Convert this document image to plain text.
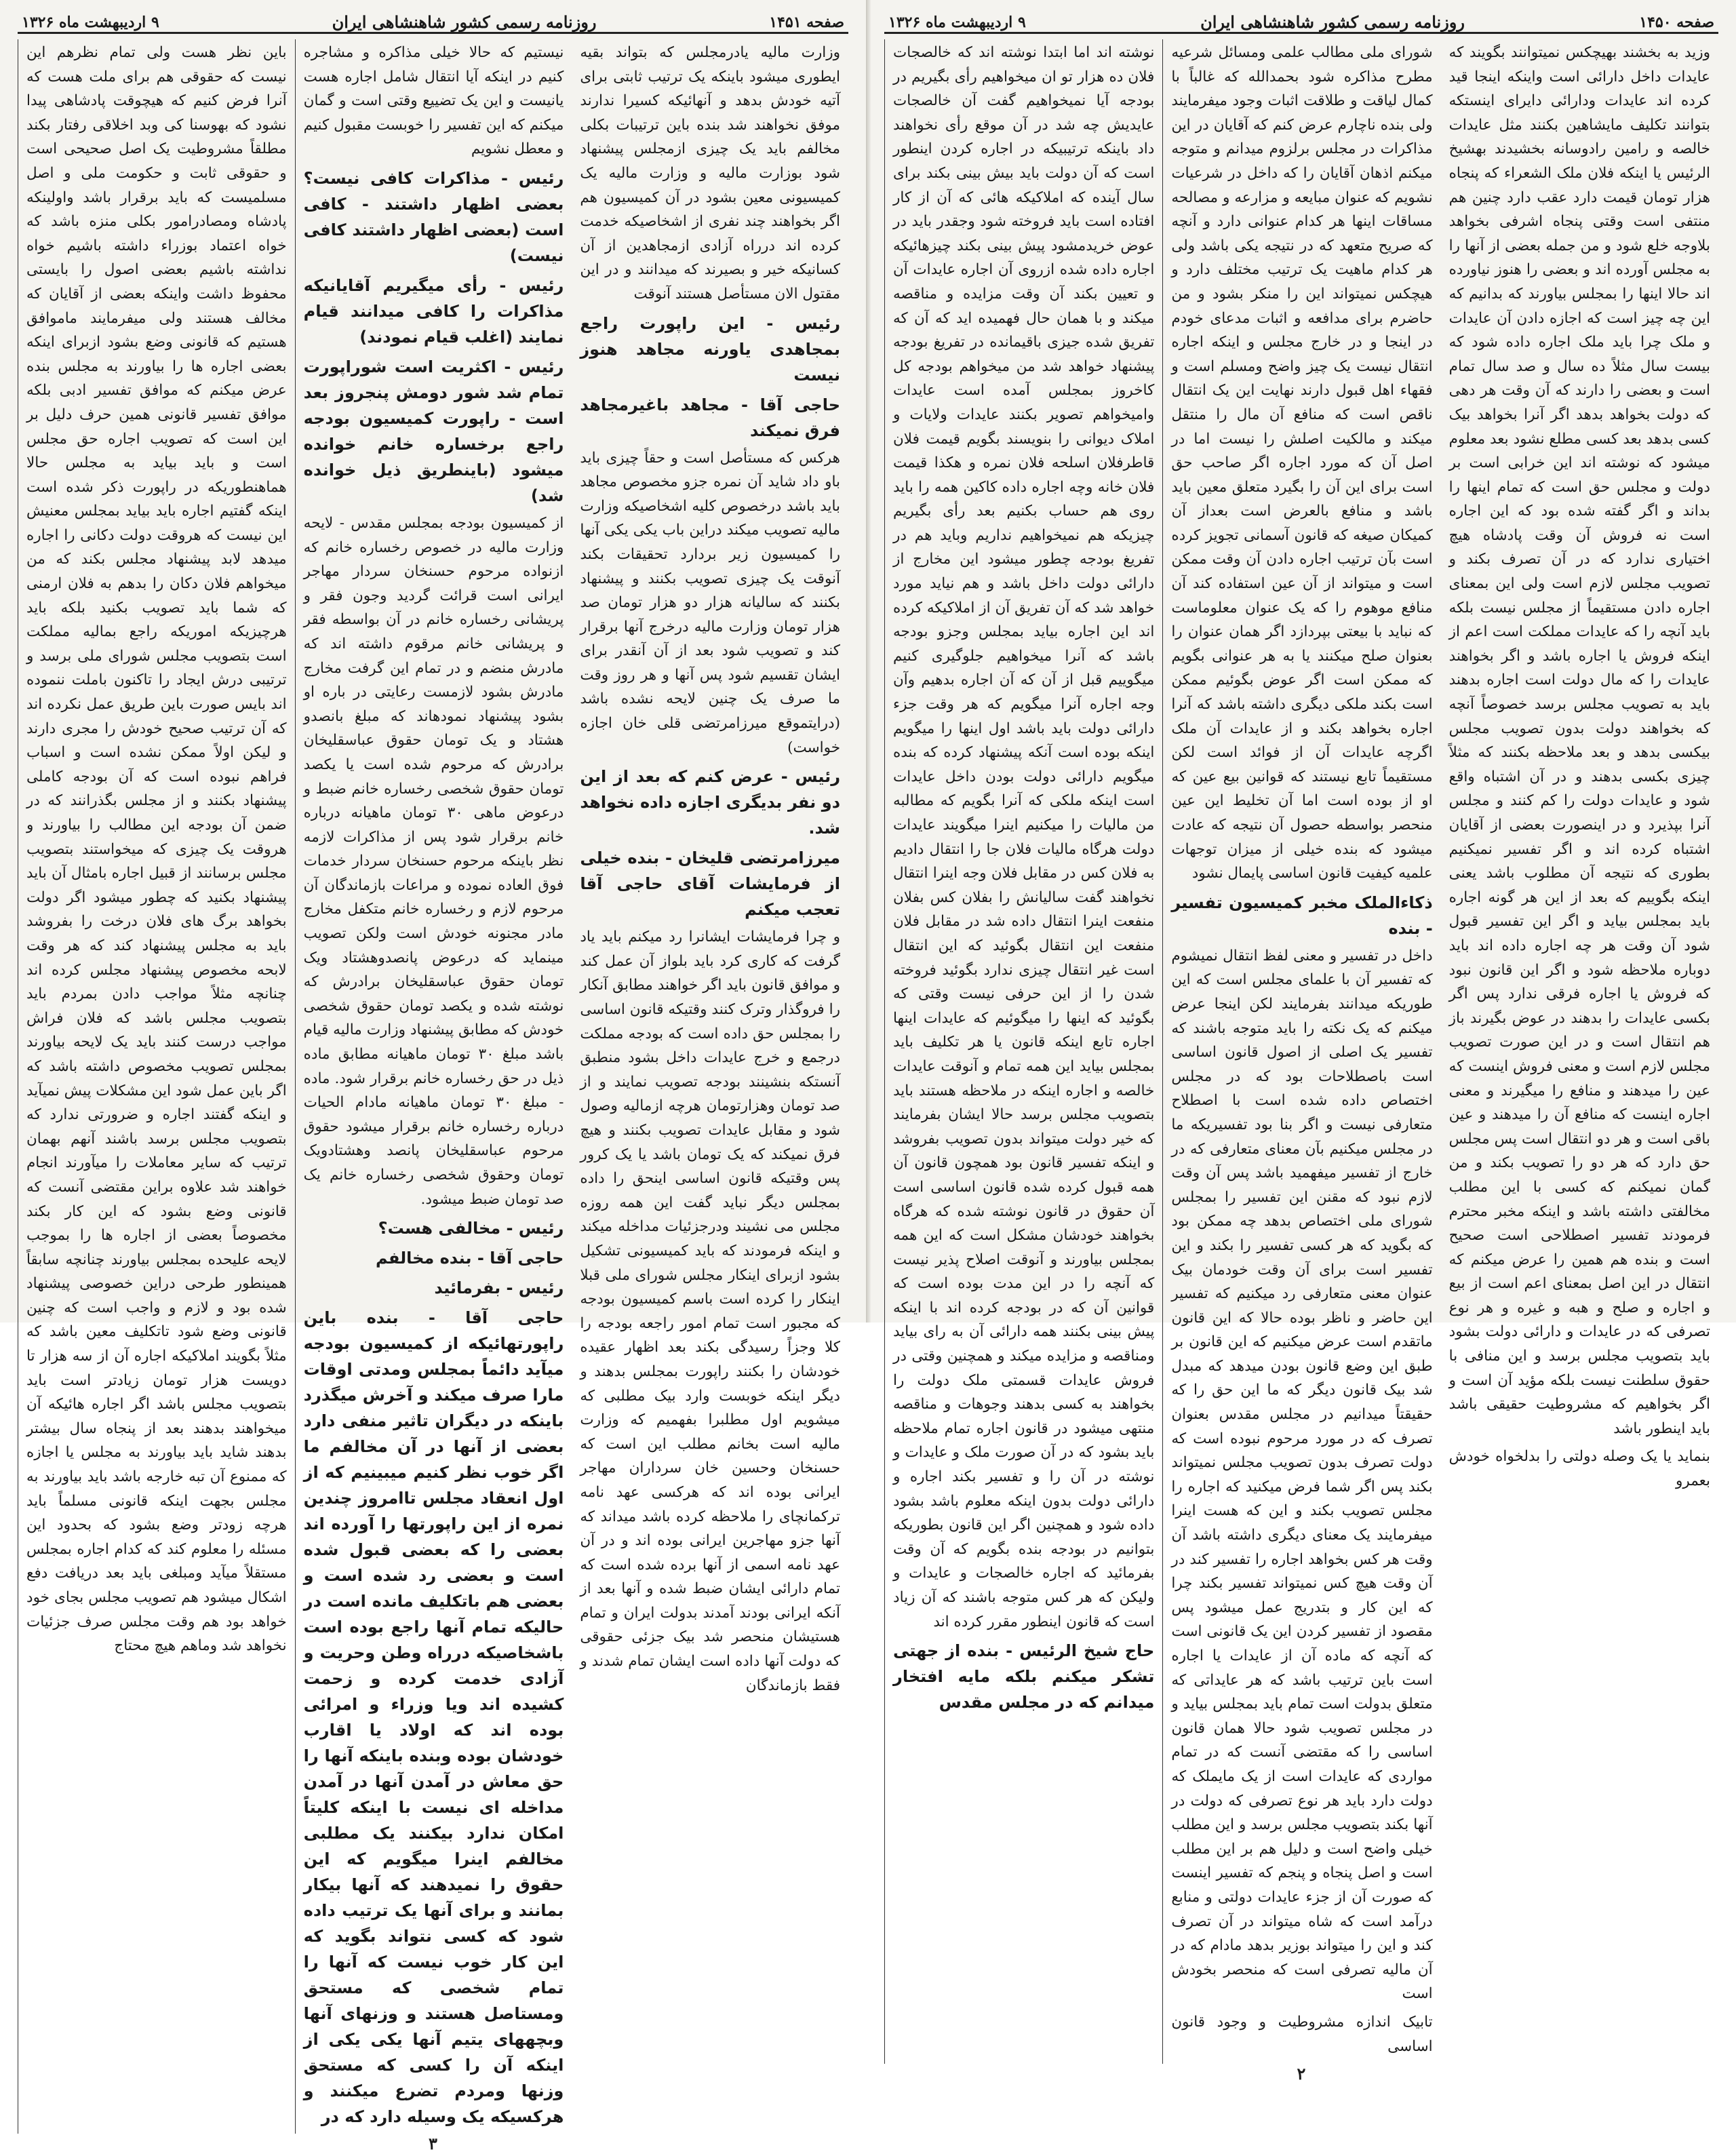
صفحه ۱۴۵۱
روزنامه رسمی کشور شاهنشاهی ایران
۹ اردیبهشت ماه ۱۳۲۶

باین نظر هست ولی تمام نظرهم این نیست که حقوقی هم برای ملت هست که آنرا فرض کنیم که هیچوقت پادشاهی پیدا نشود که بهوسنا کی وبد اخلاقی رفتار بکند مطلقاً مشروطیت یک اصل صحیحی است و حقوقی ثابت و حکومت ملی و اصل مسلمیست که باید برقرار باشد واولینکه پادشاه ومصادرامور بکلی منزه باشد که خواه اعتماد بوزراء داشته باشیم خواه نداشته باشیم بعضی اصول را بایستی محفوظ داشت واینکه بعضی از آقایان که مخالف هستند ولی میفرمایند ماموافق هستیم که قانونی وضع بشود ازبرای اینکه بعضی اجاره ها را بیاورند به مجلس بنده عرض میکنم که موافق تفسیر ادبی بلکه موافق تفسیر قانونی همین حرف دلیل بر این است که تصویب اجاره حق مجلس است و باید بیاید به مجلس حالا هماهنطوریکه در راپورت ذکر شده است اینکه گفتیم اجاره باید بیاید بمجلس معنیش این نیست که هروقت دولت دکانی را اجاره میدهد لابد پیشنهاد مجلس بکند که من میخواهم فلان دکان را بدهم به فلان ارمنی که شما باید تصویب بکنید بلکه باید هرچیزیکه اموریکه راجع بمالیه مملکت است بتصویب مجلس شورای ملی برسد و ترتیبی درش ایجاد را تاکنون باملت ننموده اند بایس صورت باین طریق عمل نکرده اند که آن ترتیب صحیح خودش را مجری دارند و لیکن اولاً ممکن نشده است و اسباب فراهم نبوده است که آن بودجه کاملی پیشنهاد بکنند و از مجلس بگذرانند که در ضمن آن بودجه این مطالب را بیاورند و هروقت یک چیزی که میخواستند بتصویب مجلس برسانند از قبیل اجاره بامثال آن باید پیشنهاد بکنید که چطور میشود اگر دولت بخواهد برگ های فلان درخت را بفروشد باید به مجلس پیشنهاد کند که هر وقت لابحه مخصوص پیشنهاد مجلس کرده اند چنانچه مثلاً مواجب دادن بمردم باید بتصویب مجلس باشد که فلان فراش مواجب درست کنند باید یک لایحه بیاورند بمجلس تصویب مخصوص داشته باشد که اگر باین عمل شود این مشکلات پیش نمیآید و اینکه گفتند اجاره و ضرورتی ندارد که بتصویب مجلس برسد باشند آنهم بهمان ترتیب که سایر معاملات را میآورند انجام خواهند شد علاوه براین مقتضی آنست که قانونی وضع بشود که این کار بکند مخصوصاً بعضی از اجاره ها را بموجب لایحه علیحده بمجلس بیاورند چنانچه سابقاً همینطور طرحی دراین خصوصی پیشنهاد شده بود و لازم و واجب است که چنین قانونی وضع شود تاتکلیف معین باشد که مثلاً بگویند املاکیکه اجاره آن از سه هزار تا دویست هزار تومان زیادتر است باید بتصویب مجلس باشد اگر اجاره هائیکه آن میخواهند بدهند بعد از پنجاه سال بیشتر بدهند شاید باید بیاورند به مجلس یا اجازه که ممنوع آن تبه خارجه باشد باید بیاورند به مجلس بجهت اینکه قانونی مسلماً باید هرچه زودتر وضع بشود که بحدود این مسئله را معلوم کند که کدام اجاره بمجلس مستقلاً میآید ومبلغی باید بعد دریافت دفع اشکال میشود هم تصویب مجلس بجای خود خواهد بود هم وقت مجلس صرف جزئیات نخواهد شد وماهم هیچ محتاج

نیستیم که حالا خیلی مذاکره و مشاجره کنیم در اینکه آیا انتقال شامل اجاره هست یانیست و این یک تضییع وقتی است و گمان میکنم که این تفسیر را خوبست مقبول کنیم و معطل نشویم

رئیس - مذاکرات کافی نیست؟ بعضی اظهار داشتند - کافی است (بعضی اظهار داشتند کافی نیست)

رئیس - رأی میگیریم آقایانیکه مذاکرات را کافی میدانند قیام نمایند (اغلب قیام نمودند)

رئیس - اکثریت است شوراپورت تمام شد شور دومش پنجروز بعد است - راپورت کمیسیون بودجه راجع برخساره خانم خوانده میشود (باینطریق ذیل خوانده شد)

از کمیسیون بودجه بمجلس مقدس - لایحه وزارت مالیه در خصوص رخساره خانم که ازنواده مرحوم حسنخان سردار مهاجر ایرانی است قرائت گردید وجون فقر و پریشانی رخساره خانم در آن بواسطه فقر و پریشانی خانم مرقوم داشته اند که مادرش منضم و در تمام این گرفت مخارج مادرش بشود لازمست رعایتی در باره او بشود پیشنهاد نمودهاند که مبلغ بانصدو هشتاد و یک تومان حقوق عباسقلیخان برادرش که مرحوم شده است یا یکصد تومان حقوق شخصی رخساره خانم ضبط و درعوض ماهی ۳۰ تومان ماهیانه درباره خانم برقرار شود پس از مذاکرات لازمه نظر باینکه مرحوم حسنخان سردار خدمات فوق العاده نموده و مراعات بازماندگان آن مرحوم لازم و رخساره خانم متکفل مخارج مادر مجنونه خودش است ولکن تصویب مینماید که درعوض پانصدوهشتاد ویک تومان حقوق عباسقلیخان برادرش که نوشته شده و یکصد تومان حقوق شخصی خودش که مطابق پیشنهاد وزارت مالیه قیام باشد مبلغ ۳۰ تومان ماهیانه مطابق ماده ذیل در حق رخساره خانم برقرار شود. ماده - مبلغ ۳۰ تومان ماهیانه مادام الحیات درباره رخساره خانم برقرار میشود حقوق مرحوم عباسقلیخان پانصد وهشتادویک تومان وحقوق شخصی رخساره خانم یک صد تومان ضبط میشود.

رئیس - مخالفی هست؟

حاجی آقا - بنده مخالفم

رئیس - بفرمائید

حاجی آقا - بنده باین راپورتهائیکه از کمیسیون بودجه میآید دائماً بمجلس ومدتی اوقات مارا صرف میکند و آخرش میگذرد باینکه در دیگران تاثیر منفی دارد بعضی از آنها در آن مخالفم ما اگر خوب نظر کنیم میبینیم که از اول انعقاد مجلس تاامروز چندین نمره از این راپورتها را آورده اند بعضی را که بعضی قبول شده است و بعضی رد شده است و بعضی هم باتکلیف مانده است در حالیکه تمام آنها راجع بوده است باشخاصیکه درراه وطن وحریت و آزادی خدمت کرده و زحمت کشیده اند ویا وزراء و امرائی بوده اند که اولاد یا اقارب خودشان بوده وبنده باینکه آنها را حق معاش در آمدن آنها در آمدن مداخله ای نیست با اینکه کلیتاً امکان ندارد بیکنند یک مطلبی مخالفم اینرا میگویم که این حقوق را نمیدهند که آنها بیکار بمانند و برای آنها یک ترتیب داده شود که کسی نتواند بگوید که این کار خوب نیست که آنها را تمام شخصی که مستحق ومستاصل هستند و وزنهای آنها وبچههای یتیم آنها یکی یکی از اینکه آن را کسی که مستحق وزنها ومردم تضرع میکنند و هرکسیکه یک وسیله دارد که در

وزارت مالیه یادرمجلس که بتواند بقیه ایطوری میشود باینکه یک ترتیب ثابتی برای آتیه خودش بدهد و آنهائیکه کسیرا ندارند موفق نخواهند شد بنده باین ترتیبات بکلی مخالفم باید یک چیزی ازمجلس پیشنهاد شود بوزارت مالیه و وزارت مالیه یک کمیسیونی معین بشود در آن کمیسیون هم اگر بخواهند چند نفری از اشخاصیکه خدمت کرده اند درراه آزادی ازمجاهدین از آن کسانیکه خیر و بصیرند که میدانند و در این مقتول الان مستأصل هستند آنوقت

رئیس - این راپورت راجع بمجاهدی یاورنه مجاهد هنوز نیست

حاجی آقا - مجاهد باغیرمجاهد فرق نمیکند

هرکس که مستأصل است و حقاً چیزی باید باو داد شاید آن نمره جزو مخصوص مجاهد باید باشد درخصوص کلیه اشخاصیکه وزارت مالیه تصویب میکند دراین باب یکی یکی آنها را کمیسیون زیر بردارد تحقیقات بکند آنوقت یک چیزی تصویب بکنند و پیشنهاد بکنند که سالیانه هزار دو هزار تومان صد هزار تومان وزارت مالیه درخرج آنها برقرار کند و تصویب شود بعد از آن آنقدر برای ایشان تقسیم شود پس آنها و هر روز وقت ما صرف یک چنین لایحه نشده باشد (درایتموقع میرزامرتضی قلی خان اجازه خواست)

رئیس - عرض کنم که بعد از این دو نفر بدیگری اجازه داده نخواهد شد.

میرزامرتضی قلیخان - بنده خیلی از فرمایشات آقای حاجی آقا تعجب میکنم

و چرا فرمایشات ایشانرا رد میکنم باید یاد گرفت که کاری کرد باید بلواز آن عمل کند و موافق قانون باید اگر خواهند مطابق آنکار را فروگذار وترک کنند وقتیکه قانون اساسی را بمجلس حق داده است که بودجه مملکت درجمع و خرج عایدات داخل بشود منطبق آنستکه بنشینند بودجه تصویب نمایند و از صد تومان وهزارتومان هرچه ازمالیه وصول شود و مقابل عایدات تصویب بکنند و هیچ فرق نمیکند که یک تومان باشد یا یک کرور پس وقتیکه قانون اساسی اینحق را داده بمجلس دیگر نباید گفت این همه روزه مجلس می نشیند ودرجزئیات مداخله میکند و اینکه فرمودند که باید کمیسیونی تشکیل بشود ازبرای اینکار مجلس شورای ملی قبلا اینکار را کرده است باسم کمیسیون بودجه که مجبور است تمام امور راجعه بودجه را کلا وجزاً رسیدگی بکند بعد اظهار عقیده خودشان را بکنند راپورت بمجلس بدهند و دیگر اینکه خوبست وارد بیک مطلبی که میشویم اول مطلبرا بفهمیم که وزارت مالیه است بخانم مطلب این است که حسنخان وحسین خان سرداران مهاجر ایرانی بوده اند که هرکسی عهد نامه ترکمانچای را ملاحظه کرده باشد میداند که آنها جزو مهاجرین ایرانی بوده اند و در آن عهد نامه اسمی از آنها برده شده است که تمام دارائی ایشان ضبط شده و آنها بعد از آنکه ایرانی بودند آمدند بدولت ایران و تمام هستیشان منحصر شد بیک جزئی حقوقی که دولت آنها داده است ایشان تمام شدند و فقط بازماندگان

۳
صفحه ۱۴۵۰
روزنامه رسمی کشور شاهنشاهی ایران
۹ اردیبهشت ماه ۱۳۲۶

نوشته اند اما ابتدا نوشته اند که خالصجات فلان ده هزار تو ان میخواهیم رأی بگیریم در بودجه آیا نمیخواهیم گفت آن خالصجات عایدیش چه شد در آن موقع رأی نخواهند داد باینکه ترتیبیکه در اجاره کردن اینطور است که آن دولت باید بیش بینی بکند برای سال آینده که املاکیکه هائی که آن از کار افتاده است باید فروخته شود وجقدر باید در عوض خریدمشود پیش بینی بکند چیزهائیکه اجاره داده شده ازروی آن اجاره عایدات آن و تعیین بکند آن وقت مزایده و مناقصه میکند و با همان حال فهمیده اید که آن که تفریق شده جیزی باقیمانده در تفریغ بودجه پیشنهاد خواهد شد من میخواهم بودجه کل کاخروز بمجلس آمده است عایدات وامیخواهم تصویر بکنند عایدات ولایات و املاک دیوانی را بنویسند بگویم قیمت فلان قاطرفلان اسلحه فلان نمره و هکذا قیمت فلان خانه وچه اجاره داده کاکین همه را باید روی هم حساب بکنیم بعد رأی بگیریم چیزیکه هم نمیخواهیم نداریم وباید هم در تفریغ بودجه چطور میشود این مخارج از دارائی دولت داخل باشد و هم نیاید مورد خواهد شد که آن تفریق آن از املاکیکه کرده اند این اجاره بیاید بمجلس وجزو بودجه باشد که آنرا میخواهیم جلوگیری کنیم میگوییم قبل از آن که آن اجاره بدهیم وآن وجه اجاره آنرا میگویم که هر وقت جزء دارائی دولت باید باشد اول اینها را میگویم اینکه بوده است آنکه پیشنهاد کرده که بنده میگویم دارائی دولت بودن داخل عایدات است اینکه ملکی که آنرا بگویم که مطالبه من مالیات را میکنیم اینرا میگویند عایدات دولت هرگاه مالیات فلان جا را انتقال دادیم به فلان کس در مقابل فلان وجه اینرا انتقال نخواهند گفت سالیانش را بفلان کس بفلان منفعت اینرا انتقال داده شد در مقابل فلان منفعت این انتقال بگوئید که این انتقال است غیر انتقال چیزی ندارد بگوئید فروخته شدن را از این حرفی نیست وقتی که بگوئید که اینها را میگوئیم که عایدات اینها اجاره تابع اینکه قانون یا هر تکلیف باید بمجلس بیاید این همه تمام و آنوقت عایدات خالصه و اجاره اینکه در ملاحظه هستند باید بتصویب مجلس برسد حالا ایشان بفرمایند که خیر دولت میتواند بدون تصویب بفروشد و اینکه تفسیر قانون بود همچون قانون آن همه قبول کرده شده قانون اساسی است آن حقوق در قانون نوشته شده که هرگاه بخواهند خودشان مشکل است که این همه بمجلس بیاورند و آنوقت اصلاح پذیر نیست که آنچه را در این مدت بوده است که قوانین آن که در بودجه کرده اند با اینکه پیش بینی بکنند همه دارائی آن به رای بیاید ومناقصه و مزایده میکند و همچنین وقتی در فروش عایدات قسمتی ملک دولت را بخواهند به کسی بدهند وجوهات و مناقصه منتهی میشود در قانون اجاره تمام ملاحظه باید بشود که در آن صورت ملک و عایدات و نوشته در آن را و تفسیر بکند اجاره و دارائی دولت بدون اینکه معلوم باشد بشود داده شود و همچنین اگر این قانون بطوریکه بتوانیم در بودجه بنده بگویم که آن وقت بفرمائید که اجاره خالصجات و عایدات و ولیکن که هر کس متوجه باشند که آن زیاد است که قانون اینطور مقرر کرده اند

حاج شیخ الرئیس - بنده از جهتی تشکر میکنم بلکه مایه افتخار میدانم که در مجلس مقدس

شورای ملی مطالب علمی ومسائل شرعیه مطرح مذاکره شود بحمدالله که غالباً با کمال لیاقت و طلاقت اثبات وجود میفرمایند ولی بنده ناچارم عرض کنم که آقایان در این مذاکرات در مجلس برلزوم میدانم و متوجه میکنم اذهان آقایان را که داخل در شرعیات نشویم که عنوان مبایعه و مزارعه و مصالحه مساقات اینها هر کدام عنوانی دارد و آنچه که صریح متعهد که در نتیجه یکی باشد ولی هر کدام ماهیت یک ترتیب مختلف دارد و هیچکس نمیتواند این را منکر بشود و من حاضرم برای مدافعه و اثبات مدعای خودم در اینجا و در خارج مجلس و اینکه اجاره انتقال نیست یک چیز واضح ومسلم است و فقهاء اهل قبول دارند نهایت این یک انتقال ناقص است که منافع آن مال را منتقل میکند و مالکیت اصلش را نیست اما در اصل آن که مورد اجاره اگر صاحب حق است برای این آن را بگیرد متعلق معین باید باشد و منافع بالعرض است بعداز آن کمیکان صیغه که قانون آسمانی تجویز کرده است بآن ترتیب اجاره دادن آن وقت ممکن است و میتواند از آن عین استفاده کند آن منافع موهوم را که یک عنوان معلوماست که نباید با بیعتی بپردازد اگر همان عنوان را بعنوان صلح میکنند یا به هر عنوانی بگویم که ممکن است اگر عوض بگوئیم ممکن است بکند ملکی دیگری داشته باشد که آنرا اجاره بخواهد بکند و از عایدات آن ملک اگرچه عایدات آن از فوائد است لکن مستقیماً تابع نیستند که قوانین بیع عین که او از بوده است اما آن تخلیط این عین منحصر بواسطه حصول آن نتیجه که عادت میشود که بنده خیلی از میزان توجهات علمیه کیفیت قانون اساسی پایمال نشود

ذکاءالملک مخبر کمیسیون تفسیر - بنده

داخل در تفسیر و معنی لفظ انتقال نمیشوم که تفسیر آن با علمای مجلس است که این طوریکه میدانند بفرمایند لکن اینجا عرض میکنم که یک نکته را باید متوجه باشند که تفسیر یک اصلی از اصول قانون اساسی است باصطلاحات بود که در مجلس اختصاص داده شده است با اصطلاح متعارفی نیست و اگر بنا بود تفسیریکه ما در مجلس میکنیم بآن معنای متعارفی که در خارج از تفسیر میفهمید باشد پس آن وقت لازم نبود که مقنن این تفسیر را بمجلس شورای ملی اختصاص بدهد چه ممکن بود که بگوید که هر کسی تفسیر را بکند و این تفسیر است برای آن وقت خودمان بیک عنوان معنی متعارفی رد میکنیم که تفسیر این حاضر و ناظر بوده حالا که این قانون ماتقدم است عرض میکنیم که این قانون بر طبق این وضع قانون بودن میدهد که مبدل شد بیک قانون دیگر که ما این حق را که حقیقتاً میدانیم در مجلس مقدس بعنوان تصرف که در مورد مرحوم نبوده است که دولت تصرف بدون تصویب مجلس نمیتواند بکند پس اگر شما فرض میکنید که اجاره را مجلس تصویب بکند و این که هست اینرا میفرمایند یک معنای دیگری داشته باشد آن وقت هر کس بخواهد اجاره را تفسیر کند در آن وقت هیچ کس نمیتواند تفسیر بکند چرا که این کار و بتدریج عمل میشود پس مقصود از تفسیر کردن این یک قانونی است که آنچه که ماده آن از عایدات یا اجاره است باین ترتیب باشد که هر عایداتی که متعلق بدولت است تمام باید بمجلس بیاید و در مجلس تصویب شود حالا همان قانون اساسی را که مقتضی آنست که در تمام مواردی که عایدات است از یک مایملک که دولت دارد باید هر نوع تصرفی که دولت در آنها بکند بتصویب مجلس برسد و این مطلب خیلی واضح است و دلیل هم بر این مطلب است و اصل پنجاه و پنجم که تفسیر اینست که صورت آن از جزء عایدات دولتی و منابع درآمد است که شاه میتواند در آن تصرف کند و این را میتواند بوزیر بدهد مادام که در آن مالیه تصرفی است که منحصر بخودش است

تابیک اندازه مشروطیت و وجود قانون اساسی

وزید به بخشند بهیچکس نمیتوانند بگویند که عایدات داخل دارائی است واینکه اینجا قید کرده اند عایدات ودارائی دایرای اینستکه بتوانند تکلیف مایشاهین بکنند مثل عایدات خالصه و رامین رادوسانه بخشیدند بهشیخ الرئیس یا اینکه فلان ملک الشعراء که پنجاه هزار تومان قیمت دارد عقب دارد چنین هم منتفی است وقتی پنجاه اشرفی بخواهد بلاوجه خلع شود و من جمله بعضی از آنها را به مجلس آورده اند و بعضی را هنوز نیاورده اند حالا اینها را بمجلس بیاورند که بدانیم که این چه چیز است که اجازه دادن آن عایدات و ملک چرا باید ملک اجاره داده شود که بیست سال مثلاً ده سال و صد سال تمام است و بعضی را دارند که آن وقت هر دهی که دولت بخواهد بدهد اگر آنرا بخواهد بیک کسی بدهد بعد کسی مطلع نشود بعد معلوم میشود که نوشته اند این خرابی است بر دولت و مجلس حق است که تمام اینها را بداند و اگر گفته شده بود که این اجاره است نه فروش آن وقت پادشاه هیچ اختیاری ندارد که در آن تصرف بکند و تصویب مجلس لازم است ولی این بمعنای اجاره دادن مستقیماً از مجلس نیست بلکه باید آنچه را که عایدات مملکت است اعم از اینکه فروش یا اجاره باشد و اگر بخواهند عایدات را که مال دولت است اجاره بدهند باید به تصویب مجلس برسد خصوصاً آنچه که بخواهند دولت بدون تصویب مجلس بیکسی بدهد و بعد ملاحظه بکنند که مثلاً چیزی بکسی بدهند و در آن اشتباه واقع شود و عایدات دولت را کم کنند و مجلس آنرا بپذیرد و در اینصورت بعضی از آقایان اشتباه کرده اند و اگر تفسیر نمیکنیم بطوری که نتیجه آن مطلوب باشد یعنی اینکه بگوییم که بعد از این هر گونه اجاره باید بمجلس بیاید و اگر این تفسیر قبول شود آن وقت هر چه اجاره داده اند باید دوباره ملاحظه شود و اگر این قانون نبود که فروش یا اجاره فرقی ندارد پس اگر بکسی عایدات را بدهند در عوض بگیرند باز هم انتقال است و در این صورت تصویب مجلس لازم است و معنی فروش اینست که عین را میدهند و منافع را میگیرند و معنی اجاره اینست که منافع آن را میدهند و عین باقی است و هر دو انتقال است پس مجلس حق دارد که هر دو را تصویب بکند و من گمان نمیکنم که کسی با این مطلب مخالفتی داشته باشد و اینکه مخبر محترم فرمودند تفسیر اصطلاحی است صحیح است و بنده هم همین را عرض میکنم که انتقال در این اصل بمعنای اعم است از بیع و اجاره و صلح و هبه و غیره و هر نوع تصرفی که در عایدات و دارائی دولت بشود باید بتصویب مجلس برسد و این منافی با حقوق سلطنت نیست بلکه مؤید آن است و اگر بخواهیم که مشروطیت حقیقی باشد باید اینطور باشد

بنماید یا یک وصله دولتی را بدلخواه خودش بعمرو

۲
